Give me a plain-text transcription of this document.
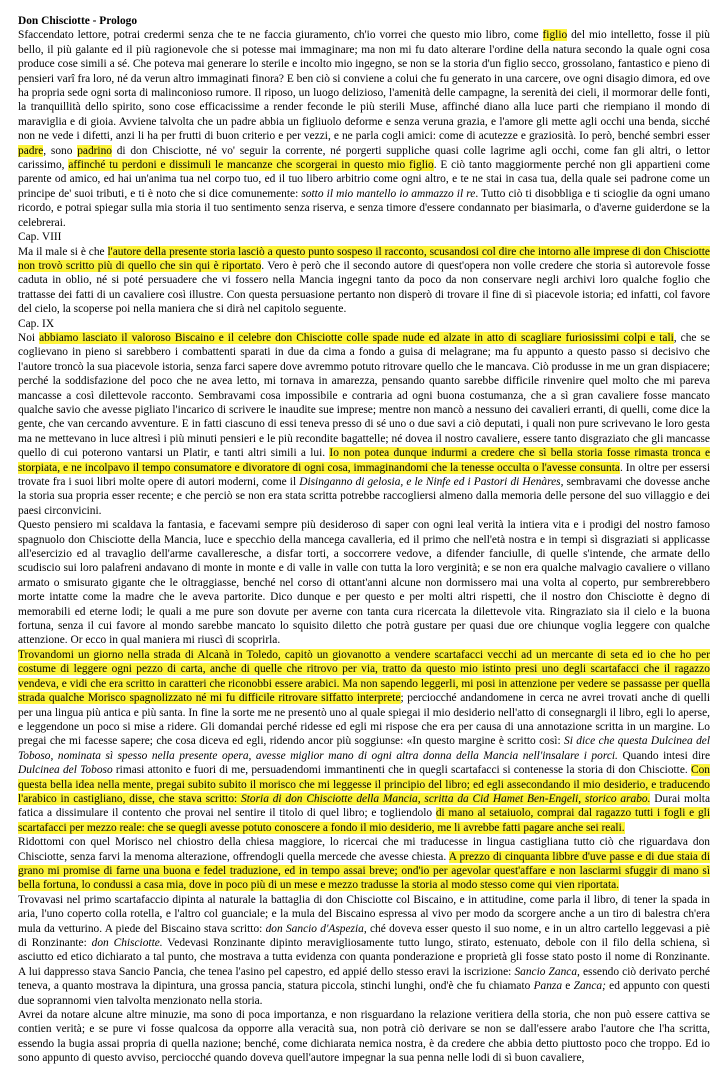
Don Chisciotte - Prologo

Sfaccendato lettore, potrai credermi senza che te ne faccia giuramento, ch'io vorrei che questo mio libro, come figlio del mio intelletto, fosse il più bello, il più galante ed il più ragionevole che si potesse mai immaginare; ma non mi fu dato alterare l'ordine della natura secondo la quale ogni cosa produce cose simili a sé. Che poteva mai generare lo sterile e incolto mio ingegno, se non se la storia d'un figlio secco, grossolano, fantastico e pieno di pensieri varî fra loro, né da verun altro immaginati finora? E ben ciò si conviene a colui che fu generato in una carcere, ove ogni disagio dimora, ed ove ha propria sede ogni sorta di malinconioso rumore. Il riposo, un luogo delizioso, l'amenità delle campagne, la serenità dei cieli, il mormorar delle fonti, la tranquillità dello spirito, sono cose efficacissime a render feconde le più sterili Muse, affinché diano alla luce parti che riempiano il mondo di maraviglia e di gioia. Avviene talvolta che un padre abbia un figliuolo deforme e senza veruna grazia, e l'amore gli mette agli occhi una benda, sicché non ne vede i difetti, anzi li ha per frutti di buon criterio e per vezzi, e ne parla cogli amici: come di acutezze e graziosità. Io però, benché sembri esser padre, sono padrino di don Chisciotte, né vo' seguir la corrente, né porgerti suppliche quasi colle lagrime agli occhi, come fan gli altri, o lettor carissimo, affinché tu perdoni e dissimuli le mancanze che scorgerai in questo mio figlio. E ciò tanto maggiormente perché non gli appartieni come parente od amico, ed hai un'anima tua nel corpo tuo, ed il tuo libero arbitrio come ogni altro, e te ne stai in casa tua, della quale sei padrone come un principe de' suoi tributi, e ti è noto che si dice comunemente: sotto il mio mantello io ammazzo il re. Tutto ciò ti disobbliga e ti scioglie da ogni umano ricordo, e potrai spiegar sulla mia storia il tuo sentimento senza riserva, e senza timore d'essere condannato per biasimarla, o d'averne guiderdone se la celebrerai.

Cap. VIII

Ma il male si è che l'autore della presente storia lasciò a questo punto sospeso il racconto, scusandosi col dire che intorno alle imprese di don Chisciotte non trovò scritto più di quello che sin qui è riportato. Vero è però che il secondo autore di quest'opera non volle credere che storia sì autorevole fosse caduta in oblio, né si poté persuadere che vi fossero nella Mancia ingegni tanto da poco da non conservare negli archivi loro qualche foglio che trattasse dei fatti di un cavaliere così illustre. Con questa persuasione pertanto non disperò di trovare il fine di sì piacevole istoria; ed infatti, col favore del cielo, la scoperse poi nella maniera che si dirà nel capitolo seguente.

Cap. IX

Noi abbiamo lasciato il valoroso Biscaino e il celebre don Chisciotte colle spade nude ed alzate in atto di scagliare furiosissimi colpi e tali, che se coglievano in pieno si sarebbero i combattenti sparati in due da cima a fondo a guisa di melagrane; ma fu appunto a questo passo si decisivo che l'autore troncò la sua piacevole istoria, senza farci sapere dove avremmo potuto ritrovare quello che le mancava. Ciò produsse in me un gran dispiacere; perché la soddisfazione del poco che ne avea letto, mi tornava in amarezza, pensando quanto sarebbe difficile rinvenire quel molto che mi pareva mancasse a così dilettevole racconto. Sembravami cosa impossibile e contraria ad ogni buona costumanza, che a sì gran cavaliere fosse mancato qualche savio che avesse pigliato l'incarico di scrivere le inaudite sue imprese; mentre non mancò a nessuno dei cavalieri erranti, di quelli, come dice la gente, che van cercando avventure. E in fatti ciascuno di essi teneva presso di sé uno o due savi a ciò deputati, i quali non pure scrivevano le loro gesta ma ne mettevano in luce altresì i più minuti pensieri e le più recondite bagattelle; né dovea il nostro cavaliere, essere tanto disgraziato che gli mancasse quello di cui poterono vantarsi un Platir, e tanti altri simili a lui. Io non potea dunque indurmi a credere che sì bella storia fosse rimasta tronca e storpiata, e ne incolpavo il tempo consumatore e divoratore di ogni cosa, immaginandomi che la tenesse occulta o l'avesse consunta. In oltre per essersi trovate fra i suoi libri molte opere di autori moderni, come il Disinganno di gelosia, e le Ninfe ed i Pastori di Henàres, sembravami che dovesse anche la storia sua propria esser recente; e che perciò se non era stata scritta potrebbe raccogliersi almeno dalla memoria delle persone del suo villaggio e dei paesi circonvicini.

Questo pensiero mi scaldava la fantasia, e facevami sempre più desideroso di saper con ogni leal verità la intiera vita e i prodigi del nostro famoso spagnuolo don Chisciotte della Mancia, luce e specchio della mancega cavalleria, ed il primo che nell'età nostra e in tempi sì disgraziati si applicasse all'esercizio ed al travaglio dell'arme cavalleresche, a disfar torti, a soccorrere vedove, a difender fanciulle, di quelle s'intende, che armate dello scudiscio sui loro palafreni andavano di monte in monte e di valle in valle con tutta la loro verginità; e se non era qualche malvagio cavaliere o villano armato o smisurato gigante che le oltraggiasse, benché nel corso di ottant'anni alcune non dormissero mai una volta al coperto, pur sembrerebbero morte intatte come la madre che le aveva partorite. Dico dunque e per questo e per molti altri rispetti, che il nostro don Chisciotte è degno di memorabili ed eterne lodi; le quali a me pure son dovute per averne con tanta cura ricercata la dilettevole vita. Ringraziato sia il cielo e la buona fortuna, senza il cui favore al mondo sarebbe mancato lo squisito diletto che potrà gustare per quasi due ore chiunque voglia leggere con qualche attenzione. Or ecco in qual maniera mi riuscì di scoprirla.

Trovandomi un giorno nella strada di Alcanà in Toledo, capitò un giovanotto a vendere scartafacci vecchi ad un mercante di seta ed io che ho per costume di leggere ogni pezzo di carta, anche di quelle che ritrovo per via, tratto da questo mio istinto presi uno degli scartafacci che il ragazzo vendeva, e vidi che era scritto in caratteri che riconobbi essere arabici. Ma non sapendo leggerli, mi posi in attenzione per vedere se passasse per quella strada qualche Morisco spagnolizzato né mi fu difficile ritrovare siffatto interprete; perciocché andandomene in cerca ne avrei trovati anche di quelli per una lingua più antica e più santa. In fine la sorte me ne presentò uno al quale spiegai il mio desiderio nell'atto di consegnargli il libro, egli lo aperse, e leggendone un poco si mise a ridere. Gli domandai perché ridesse ed egli mi rispose che era per causa di una annotazione scritta in un margine. Lo pregai che mi facesse sapere; che cosa diceva ed egli, ridendo ancor più soggiunse: «In questo margine è scritto così: Si dice che questa Dulcinea del Toboso, nominata sì spesso nella presente opera, avesse miglior mano di ogni altra donna della Mancia nell'insalare i porci. Quando intesi dire Dulcinea del Toboso rimasi attonito e fuori di me, persuadendomi immantinenti che in quegli scartafacci si contenesse la storia di don Chisciotte. Con questa bella idea nella mente, pregai subito subito il morisco che mi leggesse il principio del libro; ed egli assecondando il mio desiderio, e traducendo l'arabico in castigliano, disse, che stava scritto: Storia di don Chisciotte della Mancia, scritta da Cid Hamet Ben-Engeli, storico arabo. Durai molta fatica a dissimulare il contento che provai nel sentire il titolo di quel libro; e togliendolo di mano al setaiuolo, comprai dal ragazzo tutti i fogli e gli scartafacci per mezzo reale: che se quegli avesse potuto conoscere a fondo il mio desiderio, me li avrebbe fatti pagare anche sei reali.

Ridottomi con quel Morisco nel chiostro della chiesa maggiore, lo ricercai che mi traducesse in lingua castigliana tutto ciò che riguardava don Chisciotte, senza farvi la menoma alterazione, offrendogli quella mercede che avesse chiesta. A prezzo di cinquanta libbre d'uve passe e di due staia di grano mi promise di farne una buona e fedel traduzione, ed in tempo assai breve; ond'io per agevolar quest'affare e non lasciarmi sfuggir di mano sì bella fortuna, lo condussi a casa mia, dove in poco più di un mese e mezzo tradusse la storia al modo stesso come qui vien riportata.

Trovavasi nel primo scartafaccio dipinta al naturale la battaglia di don Chisciotte col Biscaino, e in attitudine, come parla il libro, di tener la spada in aria, l'uno coperto colla rotella, e l'altro col guanciale; e la mula del Biscaino espressa al vivo per modo da scorgere anche a un tiro di balestra ch'era mula da vetturino. A piede del Biscaino stava scritto: don Sancio d'Aspezia, ché doveva esser questo il suo nome, e in un altro cartello leggevasi a piè di Ronzinante: don Chisciotte. Vedevasi Ronzinante dipinto meravigliosamente tutto lungo, stirato, estenuato, debole con il filo della schiena, sì asciutto ed etico dichiarato a tal punto, che mostrava a tutta evidenza con quanta ponderazione e proprietà gli fosse stato posto il nome di Ronzinante. A lui dappresso stava Sancio Pancia, che tenea l'asino pel capestro, ed appié dello stesso eravi la iscrizione: Sancio Zanca, essendo ciò derivato perché teneva, a quanto mostrava la dipintura, una grossa pancia, statura piccola, stinchi lunghi, ond'è che fu chiamato Panza e Zanca; ed appunto con questi due soprannomi vien talvolta menzionato nella storia.

Avrei da notare alcune altre minuzie, ma sono di poca importanza, e non risguardano la relazione veritiera della storia, che non può essere cattiva se contien verità; e se pure vi fosse qualcosa da opporre alla veracità sua, non potrà ciò derivare se non se dall'essere arabo l'autore che l'ha scritta, essendo la bugia assai propria di quella nazione; benché, come dichiarata nemica nostra, è da credere che abbia detto piuttosto poco che troppo. Ed io sono appunto di questo avviso, perciocché quando doveva quell'autore impegnar la sua penna nelle lodi di sì buon cavaliere,
